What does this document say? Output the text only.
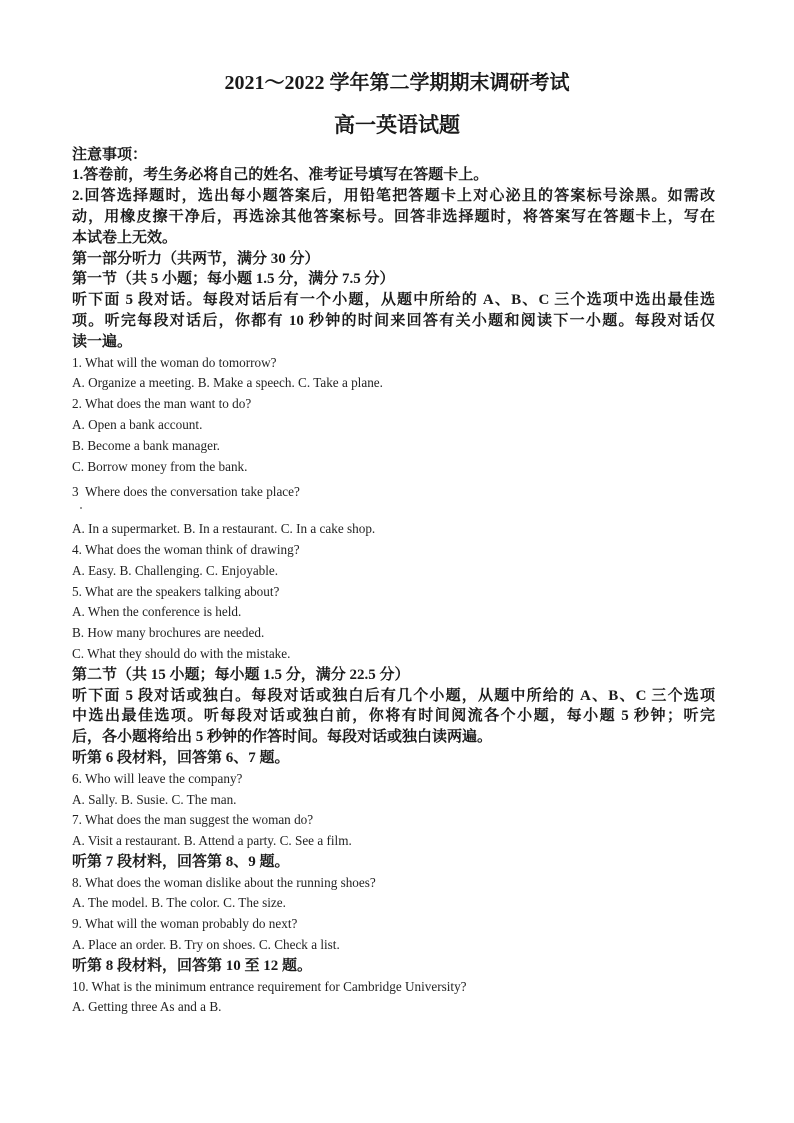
2021～2022 学年第二学期期末调研考试
高一英语试题
注意事项：
1.答卷前，考生务必将自己的姓名、准考证号填写在答题卡上。
2.回答选择题时，选出每小题答案后，用铅笔把答题卡上对心泌且的答案标号涂黑。如需改
动，用橡皮擦干净后，再选涂其他答案标号。回答非选择题时，将答案写在答题卡上，写在
本试卷上无效。
第一部分听力（共两节，满分 30 分）
第一节（共 5 小题；每小题 1.5 分，满分 7.5 分）
听下面 5 段对话。每段对话后有一个小题，从题中所给的 A、B、C 三个选项中选出最佳选
项。听完每段对话后，你都有 10 秒钟的时间来回答有关小题和阅读下一小题。每段对话仅
读一遍。
1. What will the woman do tomorrow?
A. Organize a meeting. B. Make a speech. C. Take a plane.
2. What does the man want to do?
A. Open a bank account.
B. Become a bank manager.
C. Borrow money from the bank.
3  Where does the conversation take place?
A. In a supermarket. B. In a restaurant. C. In a cake shop.
4. What does the woman think of drawing?
A. Easy. B. Challenging. C. Enjoyable.
5. What are the speakers talking about?
A. When the conference is held.
B. How many brochures are needed.
C. What they should do with the mistake.
第二节（共 15 小题；每小题 1.5 分，满分 22.5 分）
听下面 5 段对话或独白。每段对话或独白后有几个小题，从题中所给的 A、B、C 三个选项
中选出最佳选项。听每段对话或独白前，你将有时间阅流各个小题，每小题 5 秒钟；听完
后，各小题将给出 5 秒钟的作答时间。每段对话或独白读两遍。
听第 6 段材料，回答第 6、7 题。
6. Who will leave the company?
A. Sally. B. Susie. C. The man.
7. What does the man suggest the woman do?
A. Visit a restaurant. B. Attend a party. C. See a film.
听第 7 段材料，回答第 8、9 题。
8. What does the woman dislike about the running shoes?
A. The model. B. The color. C. The size.
9. What will the woman probably do next?
A. Place an order. B. Try on shoes. C. Check a list.
听第 8 段材料，回答第 10 至 12 题。
10. What is the minimum entrance requirement for Cambridge University?
A. Getting three As and a B.
